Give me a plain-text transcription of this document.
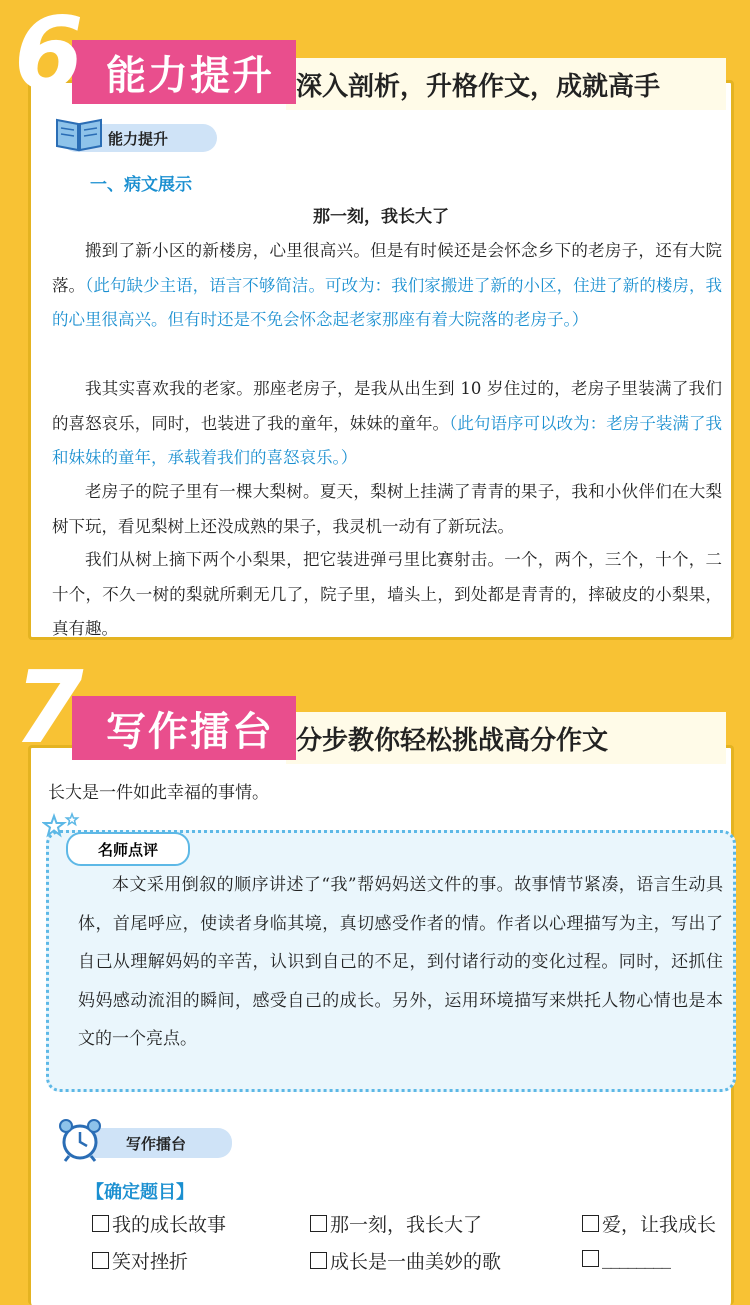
深入剖析，升格作文，成就高手
能力提升
6
能力提升
一、病文展示
那一刻，我长大了

搬到了新小区的新楼房，心里很高兴。但是有时候还是会怀念乡下的老房子，还有大院落。（此句缺少主语，语言不够简洁。可改为：我们家搬进了新的小区，住进了新的楼房，我的心里很高兴。但有时还是不免会怀念起老家那座有着大院落的老房子。）

我其实喜欢我的老家。那座老房子，是我从出生到 10 岁住过的，老房子里装满了我们的喜怒哀乐，同时，也装进了我的童年，妹妹的童年。（此句语序可以改为：老房子装满了我和妹妹的童年，承载着我们的喜怒哀乐。）

老房子的院子里有一棵大梨树。夏天，梨树上挂满了青青的果子，我和小伙伴们在大梨树下玩，看见梨树上还没成熟的果子，我灵机一动有了新玩法。

我们从树上摘下两个小梨果，把它装进弹弓里比赛射击。一个，两个，三个，十个，二十个，不久一树的梨就所剩无几了，院子里，墙头上，到处都是青青的，摔破皮的小梨果，真有趣。

分步教你轻松挑战高分作文
写作擂台
7
长大是一件如此幸福的事情。
名师点评

本文采用倒叙的顺序讲述了“我”帮妈妈送文件的事。故事情节紧凑，语言生动具体，首尾呼应，使读者身临其境，真切感受作者的情。作者以心理描写为主，写出了自己从理解妈妈的辛苦，认识到自己的不足，到付诸行动的变化过程。同时，还抓住妈妈感动流泪的瞬间，感受自己的成长。另外，运用环境描写来烘托人物心情也是本文的一个亮点。

写作擂台
【确定题目】
我的成长故事	那一刻，我长大了	爱，让我成长
笑对挫折	成长是一曲美妙的歌	________
